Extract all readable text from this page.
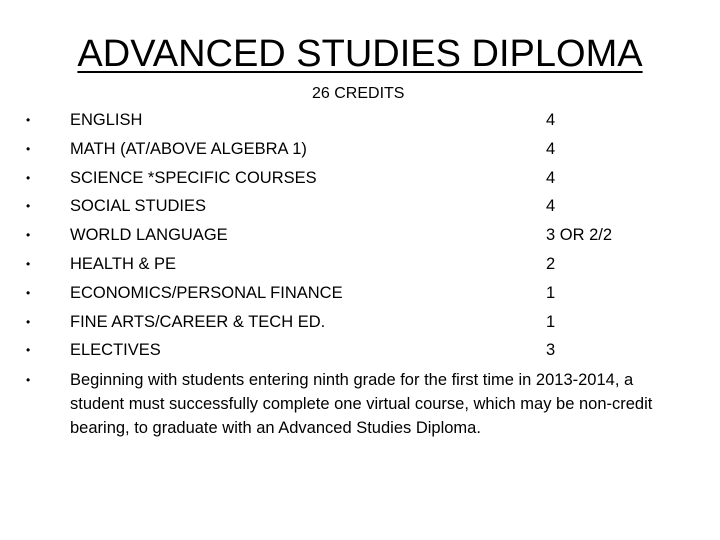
ADVANCED STUDIES DIPLOMA
26 CREDITS
•	ENGLISH	4
•	MATH (AT/ABOVE ALGEBRA 1)	4
•	SCIENCE *SPECIFIC COURSES	4
•	SOCIAL STUDIES	4
•	WORLD LANGUAGE	3 OR 2/2
•	HEALTH & PE	2
•	ECONOMICS/PERSONAL FINANCE	1
•	FINE ARTS/CAREER & TECH ED.	1
•	ELECTIVES	3
•	Beginning with students entering ninth grade for the first time in 2013-2014, a student must successfully complete one virtual course, which may be non-credit bearing, to graduate with an Advanced Studies Diploma.
